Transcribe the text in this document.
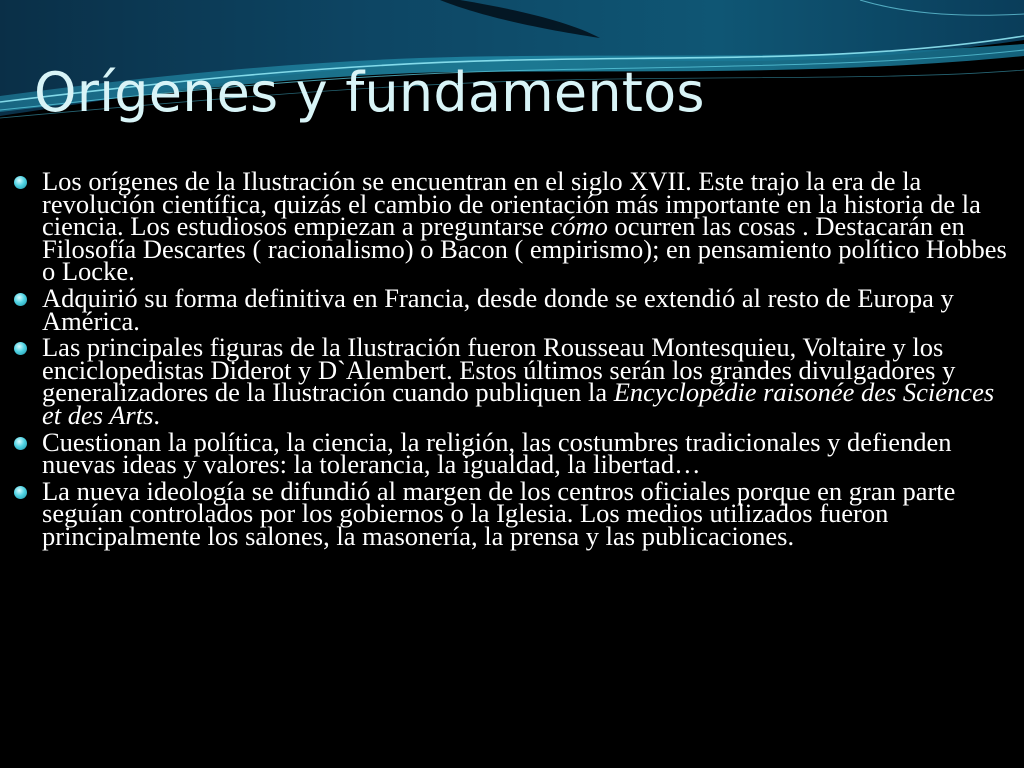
Orígenes y fundamentos
Los orígenes de la Ilustración se encuentran en el siglo XVII. Este trajo la era de la revolución científica, quizás el cambio de orientación más importante en la historia de la ciencia. Los estudiosos empiezan a preguntarse cómo ocurren las cosas . Destacarán en Filosofía Descartes ( racionalismo) o Bacon ( empirismo); en pensamiento político Hobbes o Locke.
Adquirió su forma definitiva en Francia, desde donde se extendió al resto de Europa y América.
Las principales figuras de la Ilustración fueron Rousseau Montesquieu, Voltaire y los enciclopedistas Diderot y D`Alembert. Estos últimos serán los grandes divulgadores y generalizadores de la Ilustración cuando publiquen la Encyclopédie raisonée des Sciences et des Arts.
Cuestionan la política, la ciencia, la religión, las costumbres tradicionales y defienden nuevas ideas y valores: la tolerancia, la igualdad, la libertad…
La nueva ideología se difundió al margen de los centros oficiales porque en gran parte seguían controlados por los gobiernos o la Iglesia. Los medios utilizados fueron principalmente los salones, la masonería, la prensa y las publicaciones.
